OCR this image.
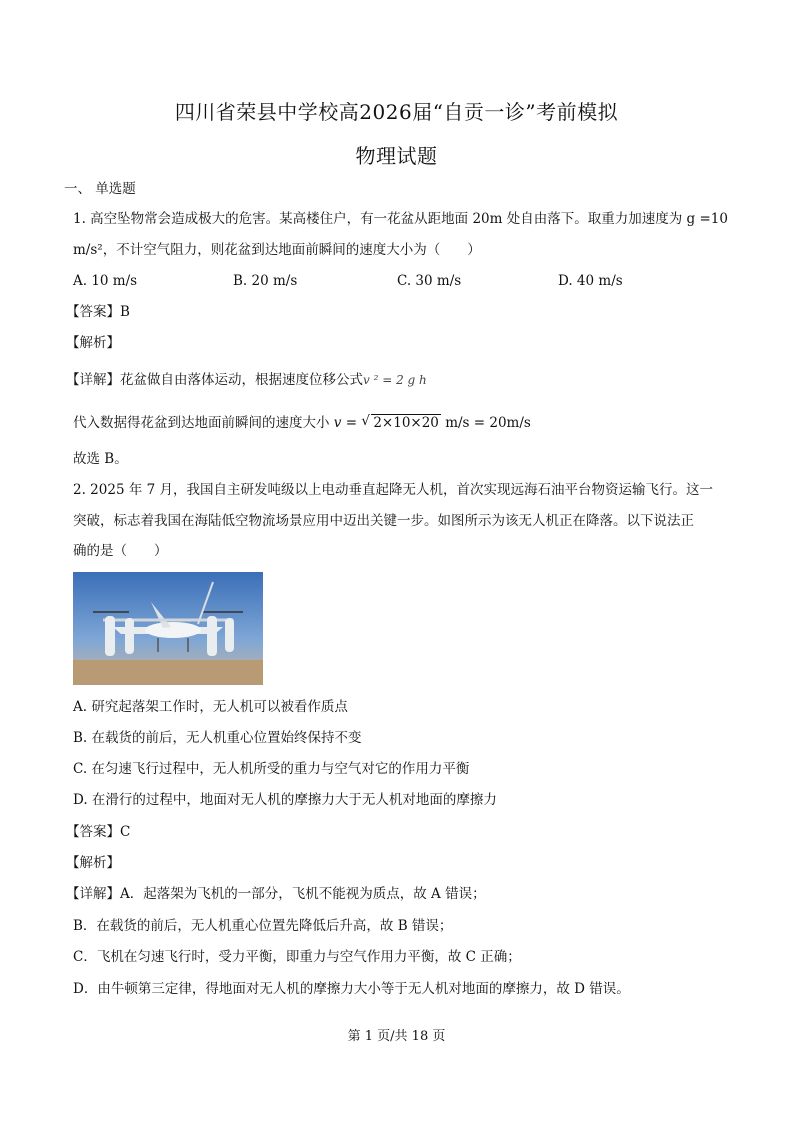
四川省荣县中学校高2026届“自贡一诊”考前模拟
物理试题
一、 单选题
1. 高空坠物常会造成极大的危害。某高楼住户，有一花盆从距地面 20m 处自由落下。取重力加速度为 g =10
m/s²，不计空气阻力，则花盆到达地面前瞬间的速度大小为（　　）
A. 10 m/s	B. 20 m/s	C. 30 m/s	D. 40 m/s
【答案】B
【解析】
【详解】花盆做自由落体运动，根据速度位移公式v ² = 2 g h
代入数据得花盆到达地面前瞬间的速度大小 v = √ 2×10×20 m/s = 20m/s
故选 B。
2. 2025 年 7 月，我国自主研发吨级以上电动垂直起降无人机，首次实现远海石油平台物资运输飞行。这一
突破，标志着我国在海陆低空物流场景应用中迈出关键一步。如图所示为该无人机正在降落。以下说法正
确的是（　　）
A. 研究起落架工作时，无人机可以被看作质点
B. 在载货的前后，无人机重心位置始终保持不变
C. 在匀速飞行过程中，无人机所受的重力与空气对它的作用力平衡
D. 在滑行的过程中，地面对无人机的摩擦力大于无人机对地面的摩擦力
【答案】C
【解析】
【详解】A．起落架为飞机的一部分，飞机不能视为质点，故 A 错误；
B．在载货的前后，无人机重心位置先降低后升高，故 B 错误；
C．飞机在匀速飞行时，受力平衡，即重力与空气作用力平衡，故 C 正确；
D．由牛顿第三定律，得地面对无人机的摩擦力大小等于无人机对地面的摩擦力，故 D 错误。
第 1 页/共 18 页
